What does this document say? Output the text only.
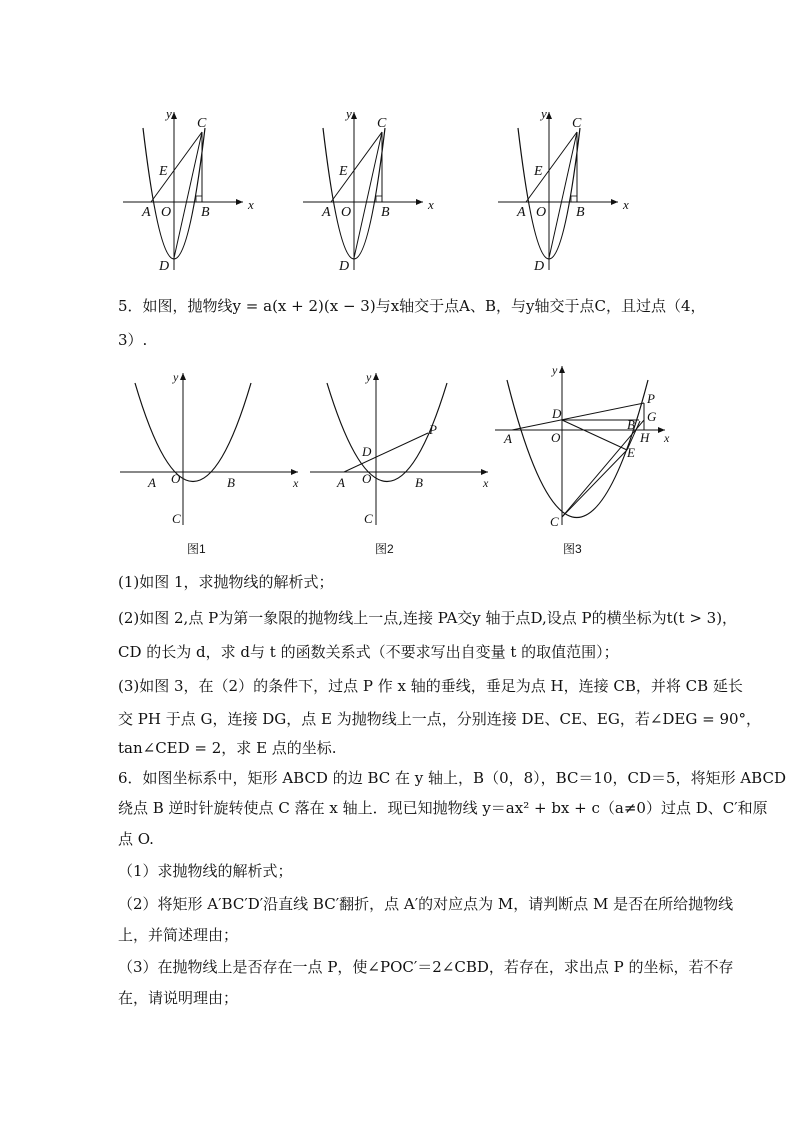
y
x
C
E
A O B
D
y
x
C
E
A O B
D
y
x
C
E
A O B
D
5．如图，抛物线y = a(x + 2)(x − 3)与x轴交于点A、B，与y轴交于点C，且过点（4，
3）.
y
x
A O	B
C
y
x
A O	B
C
D
P
y
x
A	O
D
P
G
B
H
E
C
图1	图2	图3
(1)如图 1，求抛物线的解析式；
(2)如图 2,点 P为第一象限的抛物线上一点,连接 PA交y 轴于点D,设点 P的横坐标为t(t > 3)，
CD 的长为 d，求 d与 t 的函数关系式（不要求写出自变量 t 的取值范围）；
(3)如图 3，在（2）的条件下，过点 P 作 x 轴的垂线，垂足为点 H，连接 CB，并将 CB 延长
交 PH 于点 G，连接 DG，点 E 为抛物线上一点，分别连接 DE、CE、EG，若∠DEG = 90°，
tan∠CED = 2，求 E 点的坐标.
6．如图坐标系中，矩形 ABCD 的边 BC 在 y 轴上，B（0，8），BC＝10，CD＝5，将矩形 ABCD
绕点 B 逆时针旋转使点 C 落在 x 轴上．现已知抛物线 y＝ax² + bx + c（a≠0）过点 D、C′和原
点 O.
（1）求抛物线的解析式；
（2）将矩形 A′BC′D′沿直线 BC′翻折，点 A′的对应点为 M，请判断点 M 是否在所给抛物线
上，并简述理由；
（3）在抛物线上是否存在一点 P，使∠POC′＝2∠CBD，若存在，求出点 P 的坐标，若不存
在，请说明理由；
